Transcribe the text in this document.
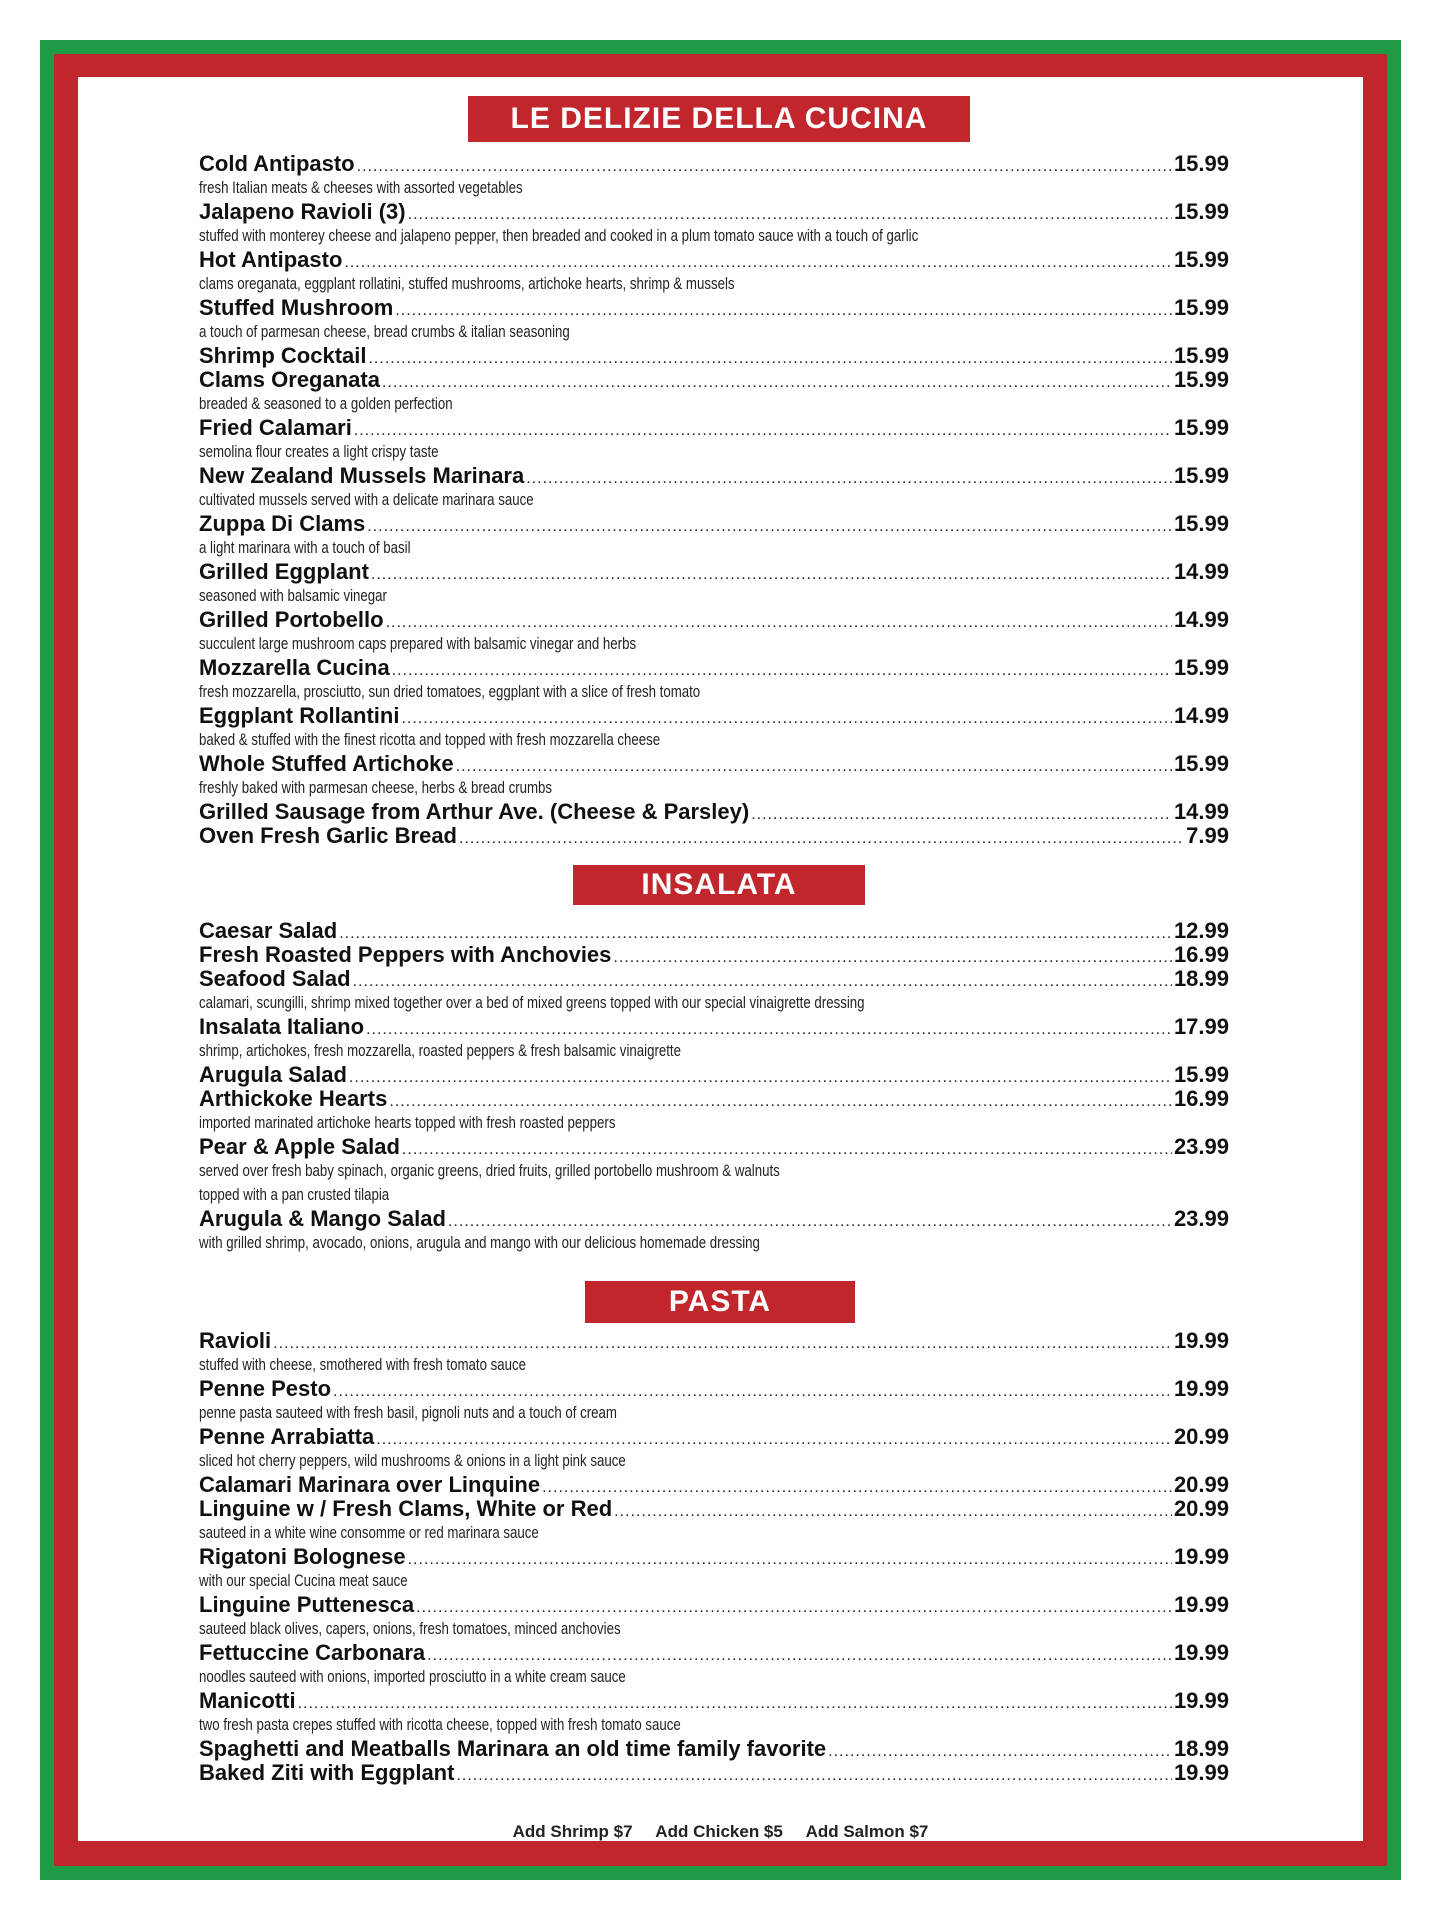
LE DELIZIE DELLA CUCINA
Cold Antipasto .....	15.99
fresh Italian meats & cheeses with assorted vegetables
Jalapeno Ravioli (3) .....	15.99
stuffed with monterey cheese and jalapeno pepper, then breaded and cooked in a plum tomato sauce with a touch of garlic
Hot Antipasto .....	15.99
clams oreganata, eggplant rollatini, stuffed mushrooms, artichoke hearts, shrimp & mussels
Stuffed Mushroom .....	15.99
a touch of parmesan cheese, bread crumbs & italian seasoning
Shrimp Cocktail .....	15.99
Clams Oreganata .....	15.99
breaded & seasoned to a golden perfection
Fried Calamari .....	15.99
semolina flour creates a light crispy taste
New Zealand Mussels Marinara .....	15.99
cultivated mussels served with a delicate marinara sauce
Zuppa Di Clams .....	15.99
a light marinara with a touch of basil
Grilled Eggplant .....	14.99
seasoned with balsamic vinegar
Grilled Portobello .....	14.99
succulent large mushroom caps prepared with balsamic vinegar and herbs
Mozzarella Cucina .....	15.99
fresh mozzarella, prosciutto, sun dried tomatoes, eggplant with a slice of fresh tomato
Eggplant Rollantini .....	14.99
baked & stuffed with the finest ricotta and topped with fresh mozzarella cheese
Whole Stuffed Artichoke .....	15.99
freshly baked with parmesan cheese, herbs & bread crumbs
Grilled Sausage from Arthur Ave. (Cheese & Parsley) .....	14.99
Oven Fresh Garlic Bread .....	7.99
INSALATA
Caesar Salad .....	12.99
Fresh Roasted Peppers with Anchovies .....	16.99
Seafood Salad .....	18.99
calamari, scungilli, shrimp mixed together over a bed of mixed greens topped with our special vinaigrette dressing
Insalata Italiano .....	17.99
shrimp, artichokes, fresh mozzarella, roasted peppers & fresh balsamic vinaigrette
Arugula Salad .....	15.99
Arthickoke Hearts .....	16.99
imported marinated artichoke hearts topped with fresh roasted peppers
Pear & Apple Salad .....	23.99
served over fresh baby spinach, organic greens, dried fruits, grilled portobello mushroom & walnuts
topped with a pan crusted tilapia
Arugula & Mango Salad .....	23.99
with grilled shrimp, avocado, onions, arugula and mango with our delicious homemade dressing
PASTA
Ravioli .....	19.99
stuffed with cheese, smothered with fresh tomato sauce
Penne Pesto .....	19.99
penne pasta sauteed with fresh basil, pignoli nuts and a touch of cream
Penne Arrabiatta .....	20.99
sliced hot cherry peppers, wild mushrooms & onions in a light pink sauce
Calamari Marinara over Linquine .....	20.99
Linguine w / Fresh Clams, White or Red .....	20.99
sauteed in a white wine consomme or red marinara sauce
Rigatoni Bolognese .....	19.99
with our special Cucina meat sauce
Linguine Puttenesca .....	19.99
sauteed black olives, capers, onions, fresh tomatoes, minced anchovies
Fettuccine Carbonara .....	19.99
noodles sauteed with onions, imported prosciutto in a white cream sauce
Manicotti .....	19.99
two fresh pasta crepes stuffed with ricotta cheese, topped with fresh tomato sauce
Spaghetti and Meatballs Marinara an old time family favorite .....	18.99
Baked Ziti with Eggplant .....	19.99
Add Shrimp $7 Add Chicken $5 Add Salmon $7
